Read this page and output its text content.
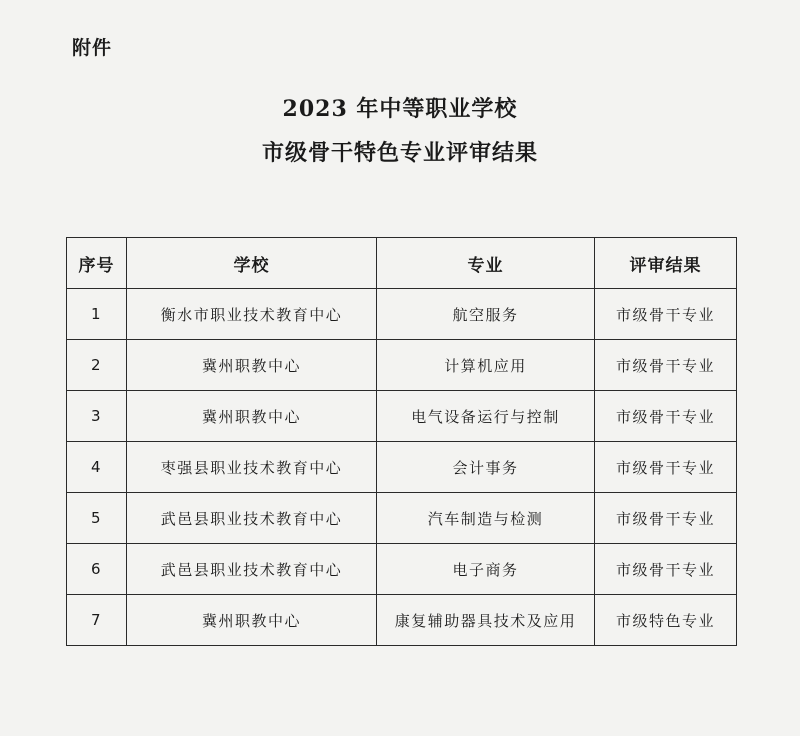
附件
2023 年中等职业学校
市级骨干特色专业评审结果
序号	学校	专业	评审结果
1	衡水市职业技术教育中心	航空服务	市级骨干专业
2	冀州职教中心	计算机应用	市级骨干专业
3	冀州职教中心	电气设备运行与控制	市级骨干专业
4	枣强县职业技术教育中心	会计事务	市级骨干专业
5	武邑县职业技术教育中心	汽车制造与检测	市级骨干专业
6	武邑县职业技术教育中心	电子商务	市级骨干专业
7	冀州职教中心	康复辅助器具技术及应用	市级特色专业
